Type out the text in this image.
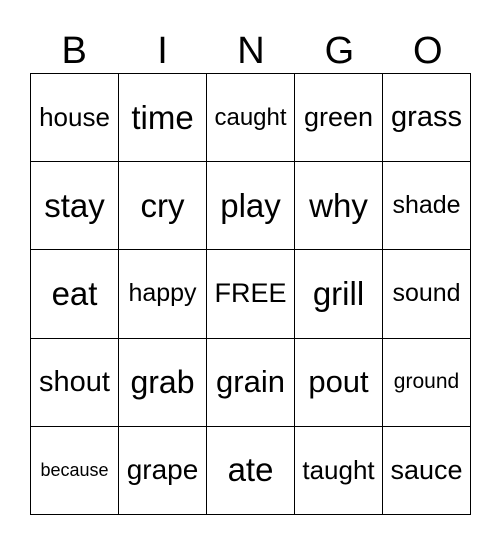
B	I	N	G	O
house time caught green grass
stay cry play why shade
eat happy FREE grill sound
shout grab grain pout ground
because grape ate taught sauce
